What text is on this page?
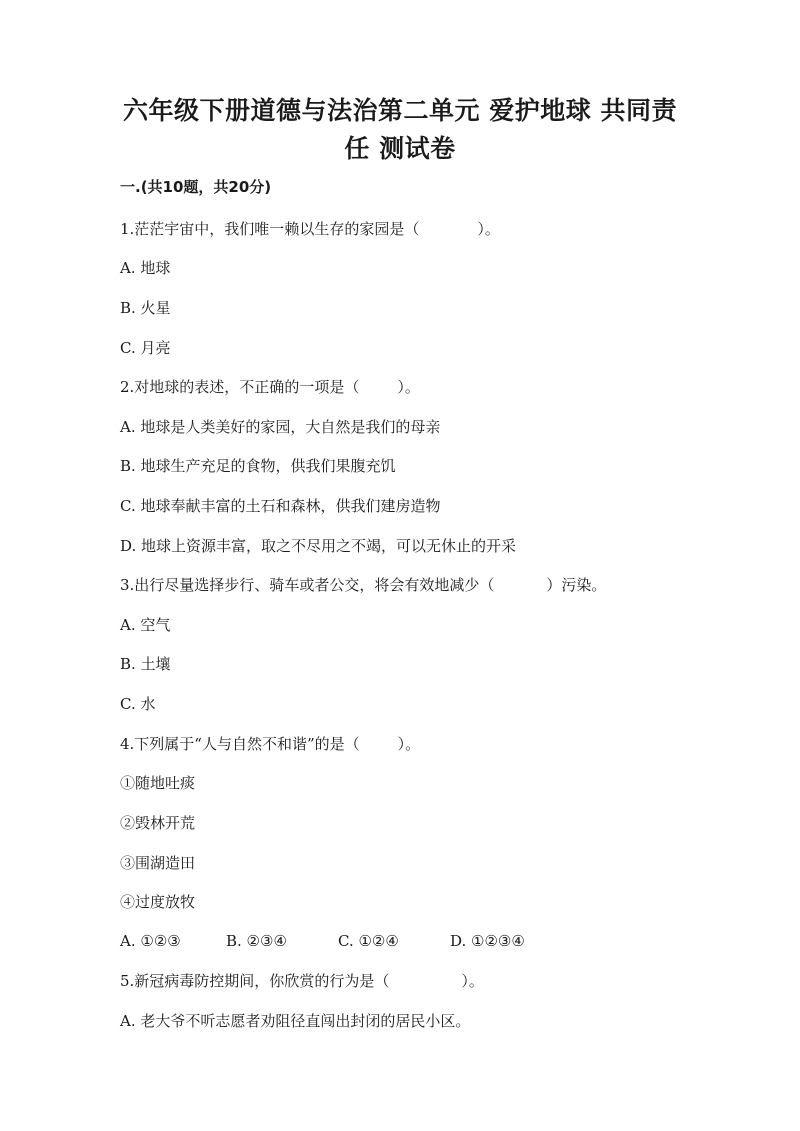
六年级下册道德与法治第二单元 爱护地球 共同责任 测试卷
一.(共10题，共20分)
1.茫茫宇宙中，我们唯一赖以生存的家园是（	）。
A. 地球
B. 火星
C. 月亮
2.对地球的表述，不正确的一项是（	）。
A. 地球是人类美好的家园，大自然是我们的母亲
B. 地球生产充足的食物，供我们果腹充饥
C. 地球奉献丰富的土石和森林，供我们建房造物
D. 地球上资源丰富，取之不尽用之不竭，可以无休止的开采
3.出行尽量选择步行、骑车或者公交，将会有效地减少（	）污染。
A. 空气
B. 土壤
C. 水
4.下列属于“人与自然不和谐”的是（	）。
①随地吐痰
②毁林开荒
③围湖造田
④过度放牧
A. ①②③	B. ②③④	C. ①②④	D. ①②③④
5.新冠病毒防控期间，你欣赏的行为是（	）。
A. 老大爷不听志愿者劝阻径直闯出封闭的居民小区。
